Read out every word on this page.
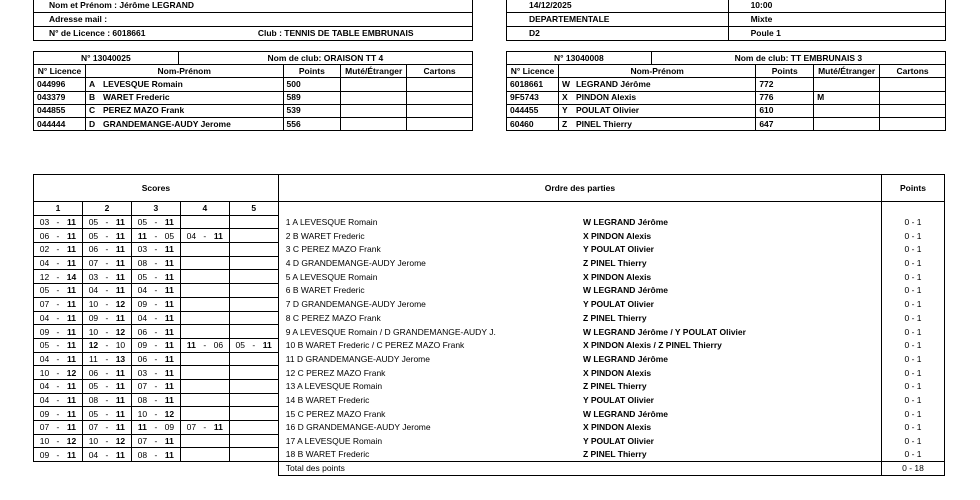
Nom et Prénom : Jérôme LEGRAND
Adresse mail :
N° de Licence : 6018661	Club : TENNIS DE TABLE EMBRUNAIS
14/12/2025	10:00
DEPARTEMENTALE	Mixte
D2	Poule 1
N° 13040025		Nom de club: ORAISON TT 4			
N° Licence	Nom-Prénom		Points	Muté/Étranger	Cartons
044996	A LEVESQUE Romain		500		
043379	B WARET Frederic		589		
044855	C PEREZ MAZO Frank		539		
044444	D GRANDEMANGE-AUDY Jerome		556		
N° 13040008		Nom de club: TT EMBRUNAIS 3			
N° Licence	Nom-Prénom		Points	Muté/Étranger	Cartons
6018661	W LEGRAND Jérôme		772		
9F5743	X PINDON Alexis		776	M	
044455	Y POULAT Olivier		610		
60460	Z PINEL Thierry		647		
Scores					Ordre des parties		Points
1	2	3	4	5			
03 - 11	05 - 11	05 - 11			1 A LEVESQUE Romain	W LEGRAND Jérôme	0 - 1
06 - 11	05 - 11	11 - 05	04 - 11		2 B WARET Frederic	X PINDON Alexis	0 - 1
02 - 11	06 - 11	03 - 11			3 C PEREZ MAZO Frank	Y POULAT Olivier	0 - 1
04 - 11	07 - 11	08 - 11			4 D GRANDEMANGE-AUDY Jerome	Z PINEL Thierry	0 - 1
12 - 14	03 - 11	05 - 11			5 A LEVESQUE Romain	X PINDON Alexis	0 - 1
05 - 11	04 - 11	04 - 11			6 B WARET Frederic	W LEGRAND Jérôme	0 - 1
07 - 11	10 - 12	09 - 11			7 D GRANDEMANGE-AUDY Jerome	Y POULAT Olivier	0 - 1
04 - 11	09 - 11	04 - 11			8 C PEREZ MAZO Frank	Z PINEL Thierry	0 - 1
09 - 11	10 - 12	06 - 11			9 A LEVESQUE Romain / D GRANDEMANGE-AUDY J.	W LEGRAND Jérôme / Y POULAT Olivier	0 - 1
05 - 11	12 - 10	09 - 11	11 - 06	05 - 11	10 B WARET Frederic / C PEREZ MAZO Frank	X PINDON Alexis / Z PINEL Thierry	0 - 1
04 - 11	11 - 13	06 - 11			11 D GRANDEMANGE-AUDY Jerome	W LEGRAND Jérôme	0 - 1
10 - 12	06 - 11	03 - 11			12 C PEREZ MAZO Frank	X PINDON Alexis	0 - 1
04 - 11	05 - 11	07 - 11			13 A LEVESQUE Romain	Z PINEL Thierry	0 - 1
04 - 11	08 - 11	08 - 11			14 B WARET Frederic	Y POULAT Olivier	0 - 1
09 - 11	05 - 11	10 - 12			15 C PEREZ MAZO Frank	W LEGRAND Jérôme	0 - 1
07 - 11	07 - 11	11 - 09	07 - 11		16 D GRANDEMANGE-AUDY Jerome	X PINDON Alexis	0 - 1
10 - 12	10 - 12	07 - 11			17 A LEVESQUE Romain	Y POULAT Olivier	0 - 1
09 - 11	04 - 11	08 - 11			18 B WARET Frederic	Z PINEL Thierry	0 - 1
					Total des points		0 - 18
